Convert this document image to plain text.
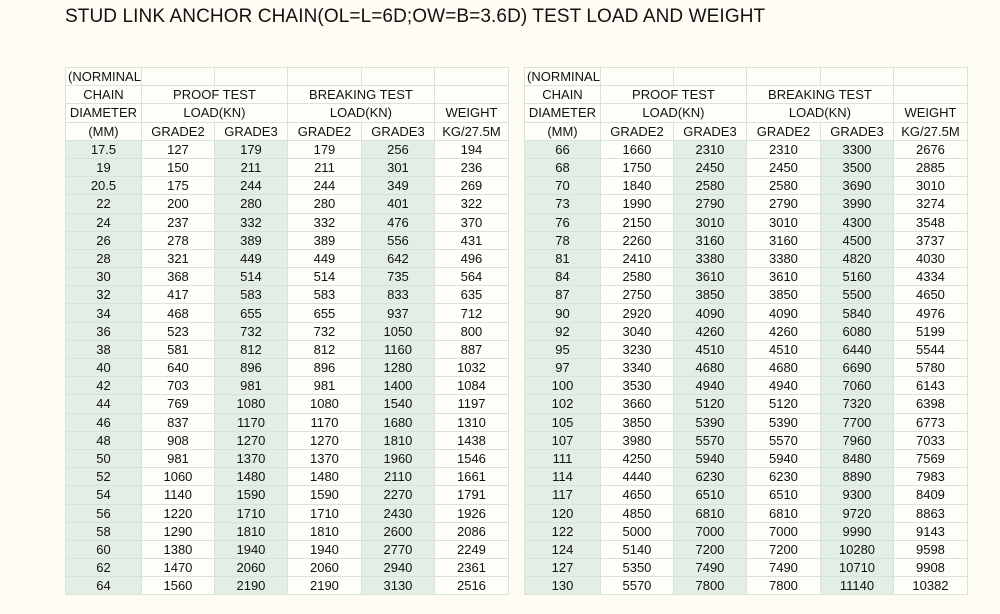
STUD LINK ANCHOR CHAIN(OL=L=6D;OW=B=3.6D) TEST LOAD AND WEIGHT
(NORMINAL					
CHAIN	PROOF TEST		BREAKING TEST		
DIAMETER	LOAD(KN)		LOAD(KN)		WEIGHT
(MM)	GRADE2	GRADE3	GRADE2	GRADE3	KG/27.5M
17.5	127	179	179	256	194
19	150	211	211	301	236
20.5	175	244	244	349	269
22	200	280	280	401	322
24	237	332	332	476	370
26	278	389	389	556	431
28	321	449	449	642	496
30	368	514	514	735	564
32	417	583	583	833	635
34	468	655	655	937	712
36	523	732	732	1050	800
38	581	812	812	1160	887
40	640	896	896	1280	1032
42	703	981	981	1400	1084
44	769	1080	1080	1540	1197
46	837	1170	1170	1680	1310
48	908	1270	1270	1810	1438
50	981	1370	1370	1960	1546
52	1060	1480	1480	2110	1661
54	1140	1590	1590	2270	1791
56	1220	1710	1710	2430	1926
58	1290	1810	1810	2600	2086
60	1380	1940	1940	2770	2249
62	1470	2060	2060	2940	2361
64	1560	2190	2190	3130	2516
(NORMINAL					
CHAIN	PROOF TEST		BREAKING TEST		
DIAMETER	LOAD(KN)		LOAD(KN)		WEIGHT
(MM)	GRADE2	GRADE3	GRADE2	GRADE3	KG/27.5M
66	1660	2310	2310	3300	2676
68	1750	2450	2450	3500	2885
70	1840	2580	2580	3690	3010
73	1990	2790	2790	3990	3274
76	2150	3010	3010	4300	3548
78	2260	3160	3160	4500	3737
81	2410	3380	3380	4820	4030
84	2580	3610	3610	5160	4334
87	2750	3850	3850	5500	4650
90	2920	4090	4090	5840	4976
92	3040	4260	4260	6080	5199
95	3230	4510	4510	6440	5544
97	3340	4680	4680	6690	5780
100	3530	4940	4940	7060	6143
102	3660	5120	5120	7320	6398
105	3850	5390	5390	7700	6773
107	3980	5570	5570	7960	7033
111	4250	5940	5940	8480	7569
114	4440	6230	6230	8890	7983
117	4650	6510	6510	9300	8409
120	4850	6810	6810	9720	8863
122	5000	7000	7000	9990	9143
124	5140	7200	7200	10280	9598
127	5350	7490	7490	10710	9908
130	5570	7800	7800	11140	10382
